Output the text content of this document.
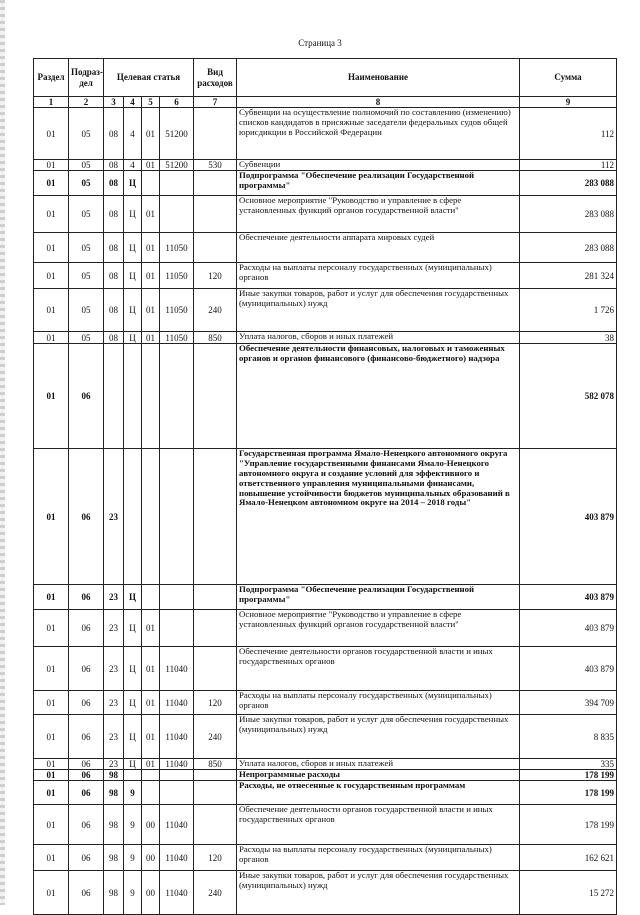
Страница 3
Раздел	Подраз-дел	Целевая статья				Вид расходов	Наименование	Сумма
1	2	3	4	5	6	7	8	9
01	05	08	4	01	51200		Субвенции на осуществление полномочий по составлению (изменению) списков кандидатов в присяжные заседатели федеральных судов общей юрисдикции в Российской Федерации	112
01	05	08	4	01	51200	530	Субвенции	112
01	05	08	Ц				Подпрограмма "Обеспечение реализации Государственной программы"	283 088
01	05	08	Ц	01			Основное мероприятие "Руководство и управление в сфере установленных функций органов государственной власти"	283 088
01	05	08	Ц	01	11050		Обеспечение деятельности аппарата мировых судей	283 088
01	05	08	Ц	01	11050	120	Расходы на выплаты персоналу государственных (муниципальных) органов	281 324
01	05	08	Ц	01	11050	240	Иные закупки товаров, работ и услуг для обеспечения государственных (муниципальных) нужд	1 726
01	05	08	Ц	01	11050	850	Уплата налогов, сборов и иных платежей	38
01	06						Обеспечение деятельности финансовых, налоговых и таможенных органов и органов финансового (финансово-бюджетного) надзора	582 078
01	06	23					Государственная программа Ямало-Ненецкого автономного округа "Управление государственными финансами Ямало-Ненецкого автономного округа и создание условий для эффективного и ответственного управления муниципальными финансами, повышение устойчивости бюджетов муниципальных образований в Ямало-Ненецком автономном округе на 2014 – 2018 годы"	403 879
01	06	23	Ц				Подпрограмма "Обеспечение реализации Государственной программы"	403 879
01	06	23	Ц	01			Основное мероприятие "Руководство и управление в сфере установленных функций органов государственной власти"	403 879
01	06	23	Ц	01	11040		Обеспечение деятельности органов государственной власти и иных государственных органов	403 879
01	06	23	Ц	01	11040	120	Расходы на выплаты персоналу государственных (муниципальных) органов	394 709
01	06	23	Ц	01	11040	240	Иные закупки товаров, работ и услуг для обеспечения государственных (муниципальных) нужд	8 835
01	06	23	Ц	01	11040	850	Уплата налогов, сборов и иных платежей	335
01	06	98					Непрограммные расходы	178 199
01	06	98	9				Расходы, не отнесенные к государственным программам	178 199
01	06	98	9	00	11040		Обеспечение деятельности органов государственной власти и иных государственных органов	178 199
01	06	98	9	00	11040	120	Расходы на выплаты персоналу государственных (муниципальных) органов	162 621
01	06	98	9	00	11040	240	Иные закупки товаров, работ и услуг для обеспечения государственных (муниципальных) нужд	15 272
